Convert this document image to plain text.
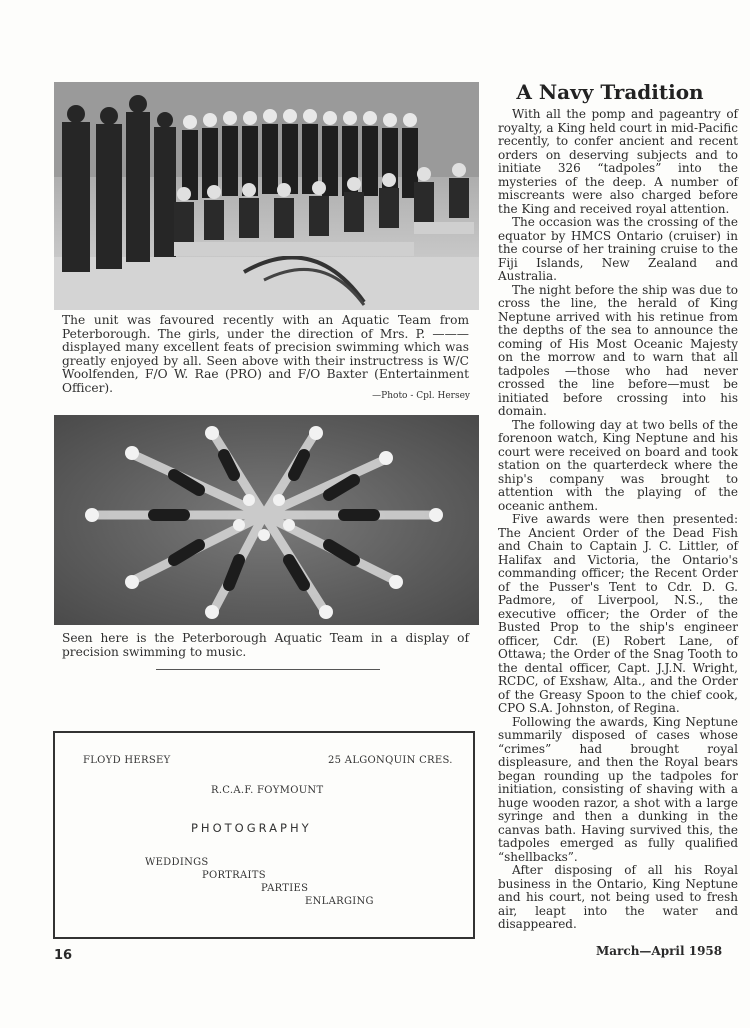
The unit was favoured recently with an Aquatic Team from Peterborough. The girls, under the direction of Mrs. P. ——— displayed many excellent feats of precision swimming which was greatly enjoyed by all. Seen above with their instructress is W/C Woolfenden, F/O W. Rae (PRO) and F/O Baxter (Entertainment Officer).
—Photo - Cpl. Hersey
Seen here is the Peterborough Aquatic Team in a display of precision swimming to music.
FLOYD HERSEY	25 ALGONQUIN CRES.
R.C.A.F. FOYMOUNT
PHOTOGRAPHY
WEDDINGS
PORTRAITS
PARTIES
ENLARGING
A Navy Tradition

With all the pomp and pageantry of royalty, a King held court in mid-Pacific recently, to confer ancient and recent orders on deserving subjects and to initiate 326 “tadpoles” into the mysteries of the deep. A number of miscreants were also charged before the King and received royal attention.

The occasion was the crossing of the equator by HMCS Ontario (cruiser) in the course of her training cruise to the Fiji Islands, New Zealand and Australia.

The night before the ship was due to cross the line, the herald of King Neptune arrived with his retinue from the depths of the sea to announce the coming of His Most Oceanic Majesty on the morrow and to warn that all tadpoles —those who had never crossed the line before—must be initiated before crossing into his domain.

The following day at two bells of the forenoon watch, King Neptune and his court were received on board and took station on the quarterdeck where the ship's company was brought to attention with the playing of the oceanic anthem.

Five awards were then presented: The Ancient Order of the Dead Fish and Chain to Captain J. C. Littler, of Halifax and Victoria, the Ontario's commanding officer; the Recent Order of the Pusser's Tent to Cdr. D. G. Padmore, of Liverpool, N.S., the executive officer; the Order of the Busted Prop to the ship's engineer officer, Cdr. (E) Robert Lane, of Ottawa; the Order of the Snag Tooth to the dental officer, Capt. J.J.N. Wright, RCDC, of Exshaw, Alta., and the Order of the Greasy Spoon to the chief cook, CPO S.A. Johnston, of Regina.

Following the awards, King Neptune summarily disposed of cases whose “crimes” had brought royal displeasure, and then the Royal bears began rounding up the tadpoles for initiation, consisting of shaving with a huge wooden razor, a shot with a large syringe and then a dunking in the canvas bath. Having survived this, the tadpoles emerged as fully qualified “shellbacks”.

After disposing of all his Royal business in the Ontario, King Neptune and his court, not being used to fresh air, leapt into the water and disappeared.

16	March—April 1958
